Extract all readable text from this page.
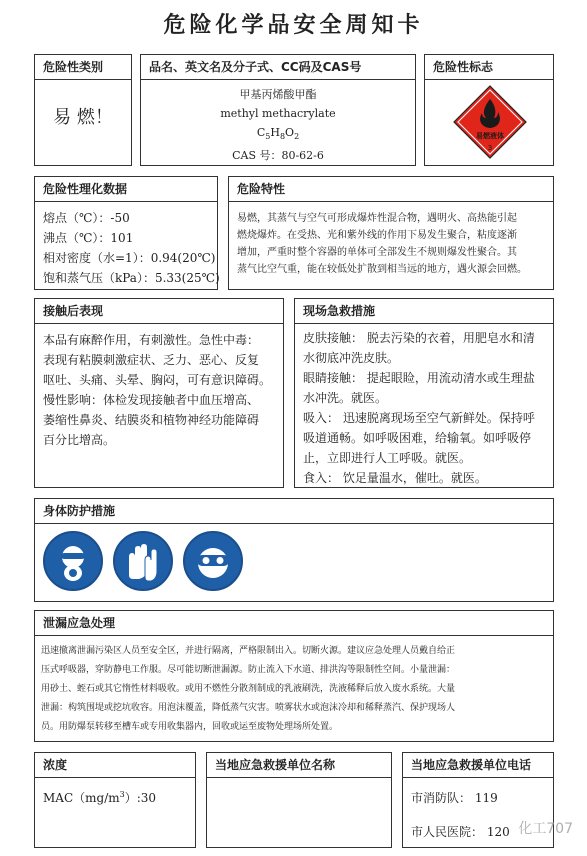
危险化学品安全周知卡
危险性类别
易 燃！
品名、英文名及分子式、CC码及CAS号
甲基丙烯酸甲酯
methyl methacrylate
$C_5H_8O_2$
CAS 号：80-62-6
危险性标志
易燃液体
3
危险性理化数据
熔点（℃）：-50
沸点（℃）：101
相对密度（水=1）：0.94(20℃)
饱和蒸气压（kPa）：5.33(25℃)
危险特性
易燃，其蒸气与空气可形成爆炸性混合物，遇明火、高热能引起
燃烧爆炸。在受热、光和紫外线的作用下易发生聚合，粘度逐渐
增加，严重时整个容器的单体可全部发生不规则爆发性聚合。其
蒸气比空气重，能在较低处扩散到相当远的地方，遇火源会回燃。
接触后表现
本品有麻醉作用，有刺激性。急性中毒：
表现有粘膜刺激症状、乏力、恶心、反复
呕吐、头痛、头晕、胸闷，可有意识障碍。
慢性影响：体检发现接触者中血压增高、
萎缩性鼻炎、结膜炎和植物神经功能障碍
百分比增高。
现场急救措施
皮肤接触： 脱去污染的衣着，用肥皂水和清
水彻底冲洗皮肤。
眼睛接触： 提起眼睑，用流动清水或生理盐
水冲洗。就医。
吸入： 迅速脱离现场至空气新鲜处。保持呼
吸道通畅。如呼吸困难，给输氧。如呼吸停
止，立即进行人工呼吸。就医。
食入： 饮足量温水，催吐。就医。
身体防护措施
泄漏应急处理
迅速撤离泄漏污染区人员至安全区，并进行隔离，严格限制出入。切断火源。建议应急处理人员戴自给正
压式呼吸器，穿防静电工作服。尽可能切断泄漏源。防止流入下水道、排洪沟等限制性空间。小量泄漏：
用砂土、蛭石或其它惰性材料吸收。或用不燃性分散剂制成的乳液刷洗，洗液稀释后放入废水系统。大量
泄漏：构筑围堤或挖坑收容。用泡沫覆盖，降低蒸气灾害。喷雾状水或泡沫冷却和稀释蒸汽、保护现场人
员。用防爆泵转移至槽车或专用收集器内，回收或运至废物处理场所处置。
浓度
$MAC(mg/m^3):30$
当地应急救援单位名称	当地应急救援单位电话
市消防队： 119
市人民医院： 120 化工707
